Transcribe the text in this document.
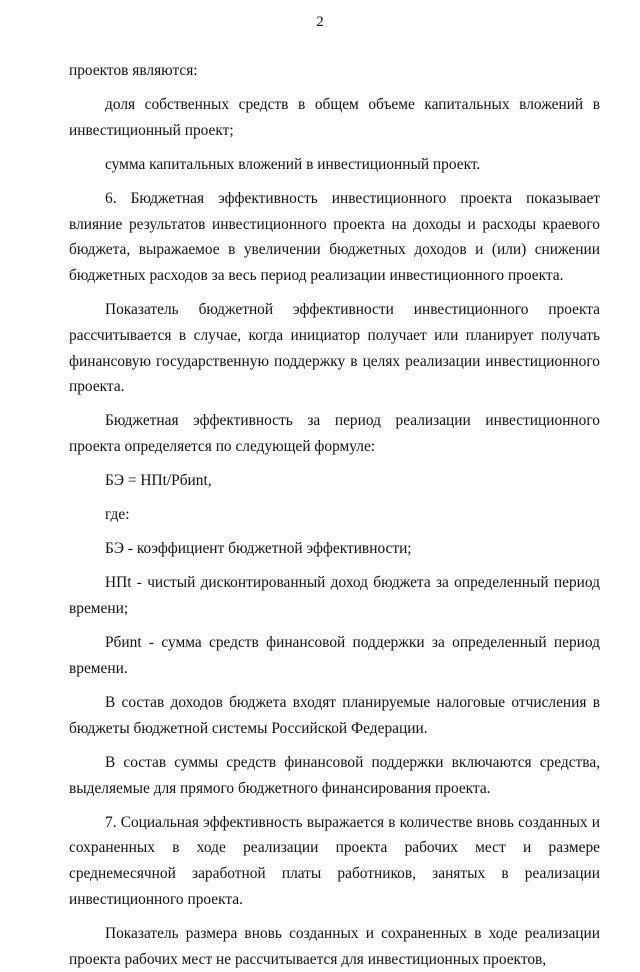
2

проектов являются:

доля собственных средств в общем объеме капитальных вложений в инвестиционный проект;

сумма капитальных вложений в инвестиционный проект.

6. Бюджетная эффективность инвестиционного проекта показывает влияние результатов инвестиционного проекта на доходы и расходы краевого бюджета, выражаемое в увеличении бюджетных доходов и (или) снижении бюджетных расходов за весь период реализации инвестиционного проекта.

Показатель бюджетной эффективности инвестиционного проекта рассчитывается в случае, когда инициатор получает или планирует получать финансовую государственную поддержку в целях реализации инвестиционного проекта.

Бюджетная эффективность за период реализации инвестиционного проекта определяется по следующей формуле:

БЭ = НПt/Рбиnt,

где:

БЭ - коэффициент бюджетной эффективности;

НПt - чистый дисконтированный доход бюджета за определенный период времени;

Рбиnt - сумма средств финансовой поддержки за определенный период времени.

В состав доходов бюджета входят планируемые налоговые отчисления в бюджеты бюджетной системы Российской Федерации.

В состав суммы средств финансовой поддержки включаются средства, выделяемые для прямого бюджетного финансирования проекта.

7. Социальная эффективность выражается в количестве вновь созданных и сохраненных в ходе реализации проекта рабочих мест и размере среднемесячной заработной платы работников, занятых в реализации инвестиционного проекта.

Показатель размера вновь созданных и сохраненных в ходе реализации проекта рабочих мест не рассчитывается для инвестиционных проектов,
